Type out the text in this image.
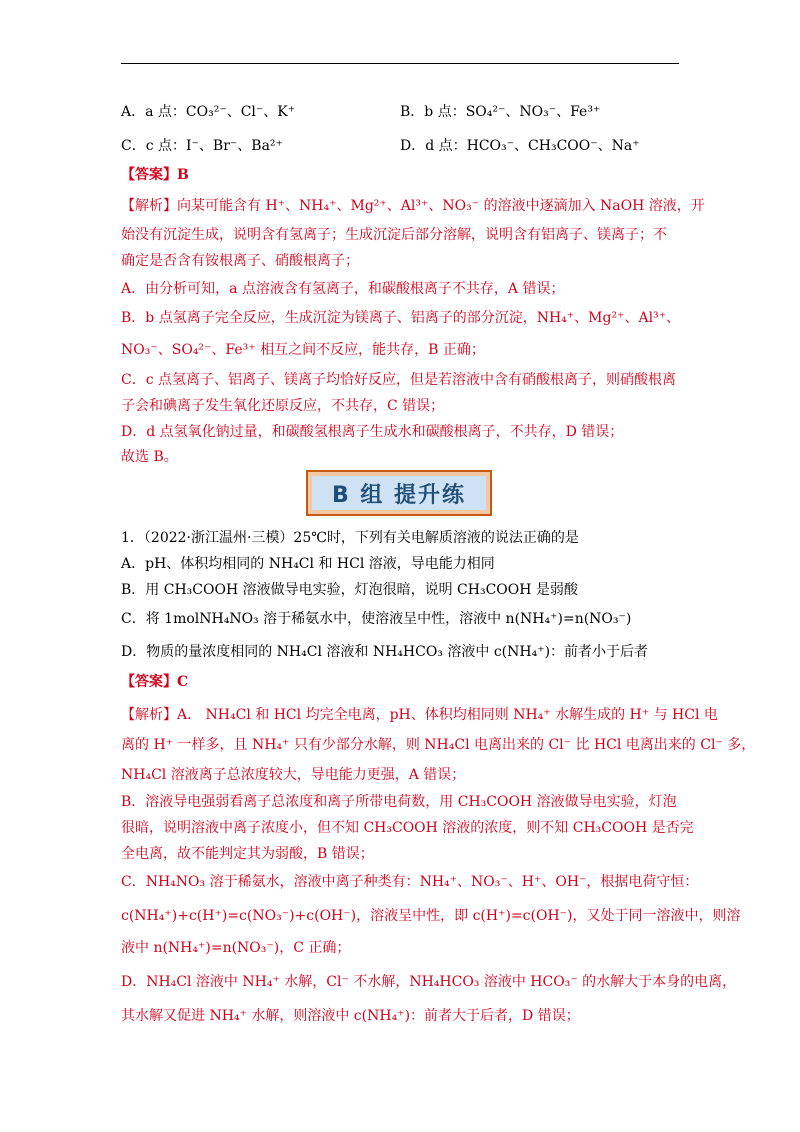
A．a 点：CO₃²⁻、Cl⁻、K⁺	B．b 点：SO₄²⁻、NO₃⁻、Fe³⁺
C．c 点：I⁻、Br⁻、Ba²⁺	D．d 点：HCO₃⁻、CH₃COO⁻、Na⁺
【答案】B
【解析】向某可能含有 H⁺、NH₄⁺、Mg²⁺、Al³⁺、NO₃⁻ 的溶液中逐滴加入 NaOH 溶液，开
始没有沉淀生成，说明含有氢离子；生成沉淀后部分溶解，说明含有铝离子、镁离子；不
确定是否含有铵根离子、硝酸根离子；
A．由分析可知，a 点溶液含有氢离子，和碳酸根离子不共存，A 错误；
B．b 点氢离子完全反应，生成沉淀为镁离子、铝离子的部分沉淀，NH₄⁺、Mg²⁺、Al³⁺、
NO₃⁻、SO₄²⁻、Fe³⁺ 相互之间不反应，能共存，B 正确；
C．c 点氢离子、铝离子、镁离子均恰好反应，但是若溶液中含有硝酸根离子，则硝酸根离
子会和碘离子发生氧化还原反应，不共存，C 错误；
D．d 点氢氧化钠过量，和碳酸氢根离子生成水和碳酸根离子，不共存，D 错误；
故选 B。
B 组 提升练
1．（2022·浙江温州·三模）25℃时，下列有关电解质溶液的说法正确的是
A．pH、体积均相同的 NH₄Cl 和 HCl 溶液，导电能力相同
B．用 CH₃COOH 溶液做导电实验，灯泡很暗，说明 CH₃COOH 是弱酸
C．将 1molNH₄NO₃ 溶于稀氨水中，使溶液呈中性，溶液中 n(NH₄⁺)=n(NO₃⁻)
D．物质的量浓度相同的 NH₄Cl 溶液和 NH₄HCO₃ 溶液中 c(NH₄⁺)：前者小于后者
【答案】C
【解析】A． NH₄Cl 和 HCl 均完全电离，pH、体积均相同则 NH₄⁺ 水解生成的 H⁺ 与 HCl 电
离的 H⁺ 一样多，且 NH₄⁺ 只有少部分水解，则 NH₄Cl 电离出来的 Cl⁻ 比 HCl 电离出来的 Cl⁻ 多，
NH₄Cl 溶液离子总浓度较大，导电能力更强，A 错误；
B．溶液导电强弱看离子总浓度和离子所带电荷数，用 CH₃COOH 溶液做导电实验，灯泡
很暗，说明溶液中离子浓度小，但不知 CH₃COOH 溶液的浓度，则不知 CH₃COOH 是否完
全电离，故不能判定其为弱酸，B 错误；
C．NH₄NO₃ 溶于稀氨水，溶液中离子种类有：NH₄⁺、NO₃⁻、H⁺、OH⁻，根据电荷守恒：
c(NH₄⁺)+c(H⁺)=c(NO₃⁻)+c(OH⁻)，溶液呈中性，即 c(H⁺)=c(OH⁻)，又处于同一溶液中，则溶
液中 n(NH₄⁺)=n(NO₃⁻)，C 正确；
D．NH₄Cl 溶液中 NH₄⁺ 水解，Cl⁻ 不水解，NH₄HCO₃ 溶液中 HCO₃⁻ 的水解大于本身的电离，
其水解又促进 NH₄⁺ 水解，则溶液中 c(NH₄⁺)：前者大于后者，D 错误；
